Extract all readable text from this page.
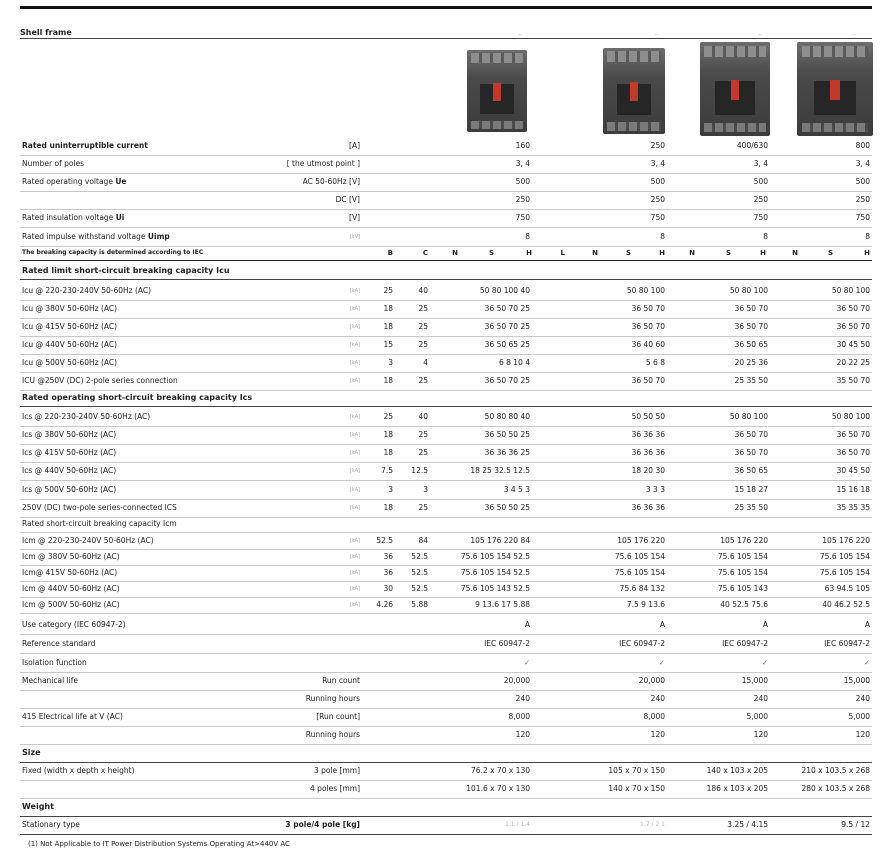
Shell frame	--	--	--	--
Rated uninterruptible current	[A]	160	250	400/630	800
Number of poles	[ the utmost point ]	3, 4	3, 4	3, 4	3, 4
Rated operating voltage Ue	AC 50-60Hz [V]	500	500	500	500
DC [V]	250	250	250	250
Rated insulation voltage Ui	[V]	750	750	750	750
Rated impulse withstand voltage Uimp	[kV]	8	8	8	8
The breaking capacity is determined according to IEC	B	C	N	S	H	L	N	S	H	N	S	H	N	S	H
Rated limit short-circuit breaking capacity Icu
Icu @ 220-230-240V 50-60Hz (AC)	[kA]	25	40	50 80 100 40	50 80 100	50 80 100	50 80 100
Icu @ 380V 50-60Hz (AC)	[kA]	18	25	36 50 70 25	36 50 70	36 50 70	36 50 70
Icu @ 415V 50-60Hz (AC)	[kA]	18	25	36 50 70 25	36 50 70	36 50 70	36 50 70
Icu @ 440V 50-60Hz (AC)	[kA]	15	25	36 50 65 25	36 40 60	36 50 65	30 45 50
Icu @ 500V 50-60Hz (AC)	[kA]	3	4	6 8 10 4	5 6 8	20 25 36	20 22 25
ICU @250V (DC) 2-pole series connection	[kA]	18	25	36 50 70 25	36 50 70	25 35 50	35 50 70
Rated operating short-circuit breaking capacity Ics
Ics @ 220-230-240V 50-60Hz (AC)	[kA]	25	40	50 80 80 40	50 50 50	50 80 100	50 80 100
Ics @ 380V 50-60Hz (AC)	[kA]	18	25	36 50 50 25	36 36 36	36 50 70	36 50 70
Ics @ 415V 50-60Hz (AC)	[kA]	18	25	36 36 36 25	36 36 36	36 50 70	36 50 70
Ics @ 440V 50-60Hz (AC)	[kA]	7.5	12.5	18 25 32.5 12.5	18 20 30	36 50 65	30 45 50
Ics @ 500V 50-60Hz (AC)	[kA]	3	3	3 4 5 3	3 3 3	15 18 27	15 16 18
250V (DC) two-pole series-connected ICS	[kA]	18	25	36 50 50 25	36 36 36	25 35 50	35 35 35
Rated short-circuit breaking capacity Icm
Icm @ 220-230-240V 50-60Hz (AC)	[kA]	52.5	84	105 176 220 84	105 176 220	105 176 220	105 176 220
Icm @ 380V 50-60Hz (AC)	[kA]	36	52.5	75.6 105 154 52.5	75.6 105 154	75.6 105 154	75.6 105 154
Icm@ 415V 50-60Hz (AC)	[kA]	36	52.5	75.6 105 154 52.5	75.6 105 154	75.6 105 154	75.6 105 154
Icm @ 440V 50-60Hz (AC)	[kA]	30	52.5	75.6 105 143 52.5	75.6 84 132	75.6 105 143	63 94.5 105
Icm @ 500V 50-60Hz (AC)	[kA]	4.26	5.88	9 13.6 17 5.88	7.5 9 13.6	40 52.5 75.6	40 46.2 52.5
Use category (IEC 60947-2)	A	A	A	A
Reference standard	IEC 60947-2	IEC 60947-2	IEC 60947-2	IEC 60947-2
Isolation function	✓	✓	✓	✓
Mechanical life	Run count	20,000	20,000	15,000	15,000
Running hours	240	240	240	240
415 Electrical life at V (AC)	[Run count]	8,000	8,000	5,000	5,000
Running hours	120	120	120	120
Size
Fixed (width x depth x height)	3 pole [mm]	76.2 x 70 x 130	105 x 70 x 150	140 x 103 x 205	210 x 103.5 x 268
4 poles [mm]	101.6 x 70 x 130	140 x 70 x 150	186 x 103 x 205	280 x 103.5 x 268
Weight
Stationary type	3 pole/4 pole [kg]	1.1 / 1.4	1.7 / 2.1	3.25 / 4.15	9.5 / 12
(1) Not Applicable to IT Power Distribution Systems Operating At>440V AC
